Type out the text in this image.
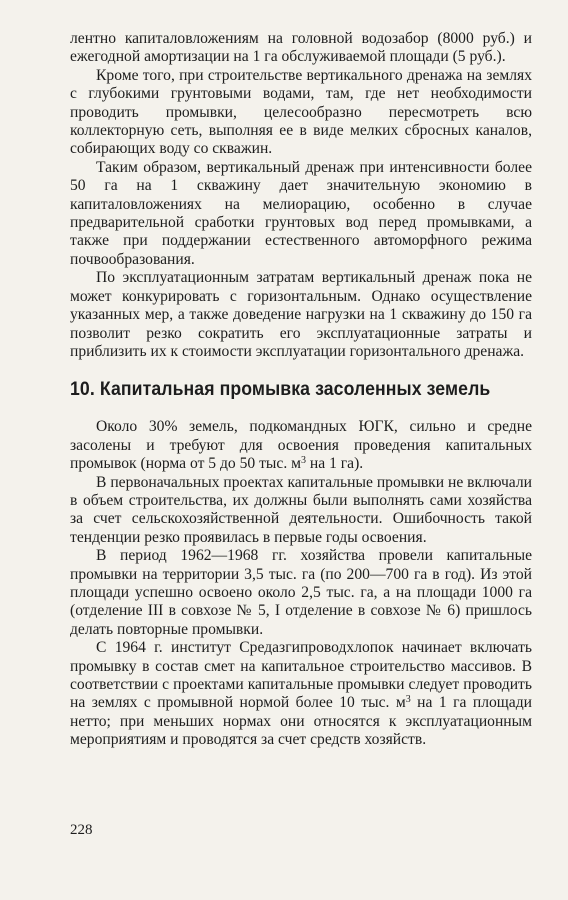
лентно капиталовложениям на головной водозабор (8000 руб.) и ежегодной амортизации на 1 га обслуживаемой площади (5 руб.).

Кроме того, при строительстве вертикального дренажа на землях с глубокими грунтовыми водами, там, где нет необходимости проводить промывки, целесообразно пересмотреть всю коллекторную сеть, выполняя ее в виде мелких сбросных каналов, собирающих воду со скважин.

Таким образом, вертикальный дренаж при интенсивности более 50 га на 1 скважину дает значительную экономию в капиталовложениях на мелиорацию, особенно в случае предварительной сработки грунтовых вод перед промывками, а также при поддержании естественного автоморфного режима почвообразования.

По эксплуатационным затратам вертикальный дренаж пока не может конкурировать с горизонтальным. Однако осуществление указанных мер, а также доведение нагрузки на 1 скважину до 150 га позволит резко сократить его эксплуатационные затраты и приблизить их к стоимости эксплуатации горизонтального дренажа.

10. Капитальная промывка засоленных земель

Около 30% земель, подкомандных ЮГК, сильно и средне засолены и требуют для освоения проведения капитальных промывок (норма от 5 до 50 тыс. $м^3$ на 1 га).

В первоначальных проектах капитальные промывки не включали в объем строительства, их должны были выполнять сами хозяйства за счет сельскохозяйственной деятельности. Ошибочность такой тенденции резко проявилась в первые годы освоения.

В период 1962—1968 гг. хозяйства провели капитальные промывки на территории 3,5 тыс. га (по 200—700 га в год). Из этой площади успешно освоено около 2,5 тыс. га, а на площади 1000 га (отделение III в совхозе № 5, I отделение в совхозе № 6) пришлось делать повторные промывки.

С 1964 г. институт Средазгипроводхлопок начинает включать промывку в состав смет на капитальное строительство массивов. В соответствии с проектами капитальные промывки следует проводить на землях с промывной нормой более 10 тыс. $м^3$ на 1 га площади нетто; при меньших нормах они относятся к эксплуатационным мероприятиям и проводятся за счет средств хозяйств.

228
